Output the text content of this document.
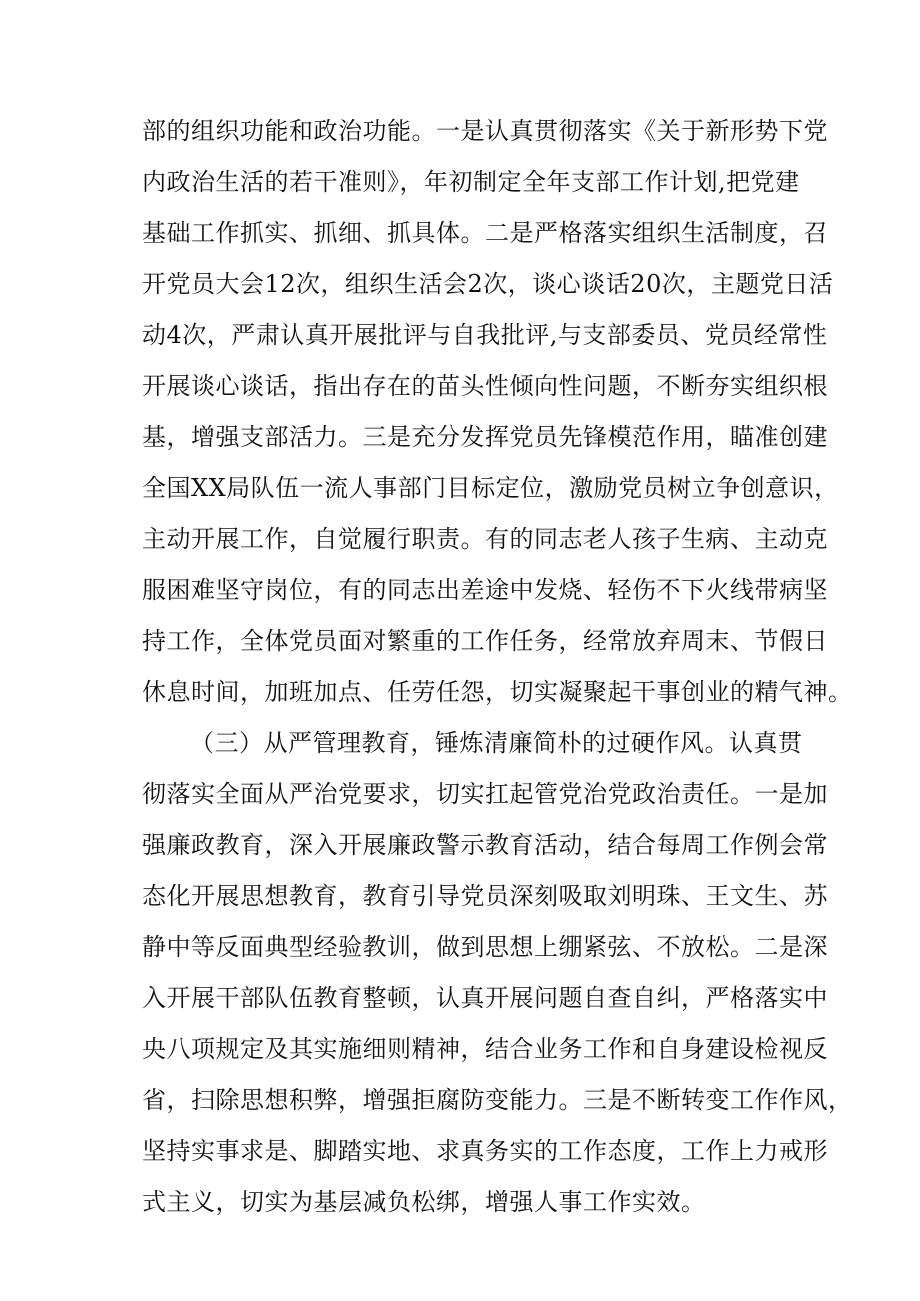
部的组织功能和政治功能。一是认真贯彻落实《关于新形势下党
内政治生活的若干准则》，年初制定全年支部工作计划,把党建
基础工作抓实、抓细、抓具体。二是严格落实组织生活制度，召
开党员大会12次，组织生活会2次，谈心谈话20次，主题党日活
动4次，严肃认真开展批评与自我批评,与支部委员、党员经常性
开展谈心谈话，指出存在的苗头性倾向性问题，不断夯实组织根
基，增强支部活力。三是充分发挥党员先锋模范作用，瞄准创建
全国XX局队伍一流人事部门目标定位，激励党员树立争创意识，
主动开展工作，自觉履行职责。有的同志老人孩子生病、主动克
服困难坚守岗位，有的同志出差途中发烧、轻伤不下火线带病坚
持工作，全体党员面对繁重的工作任务，经常放弃周末、节假日
休息时间，加班加点、任劳任怨，切实凝聚起干事创业的精气神。
（三）从严管理教育，锤炼清廉简朴的过硬作风。认真贯
彻落实全面从严治党要求，切实扛起管党治党政治责任。一是加
强廉政教育，深入开展廉政警示教育活动，结合每周工作例会常
态化开展思想教育，教育引导党员深刻吸取刘明珠、王文生、苏
静中等反面典型经验教训，做到思想上绷紧弦、不放松。二是深
入开展干部队伍教育整顿，认真开展问题自查自纠，严格落实中
央八项规定及其实施细则精神，结合业务工作和自身建设检视反
省，扫除思想积弊，增强拒腐防变能力。三是不断转变工作作风，
坚持实事求是、脚踏实地、求真务实的工作态度，工作上力戒形
式主义，切实为基层减负松绑，增强人事工作实效。
